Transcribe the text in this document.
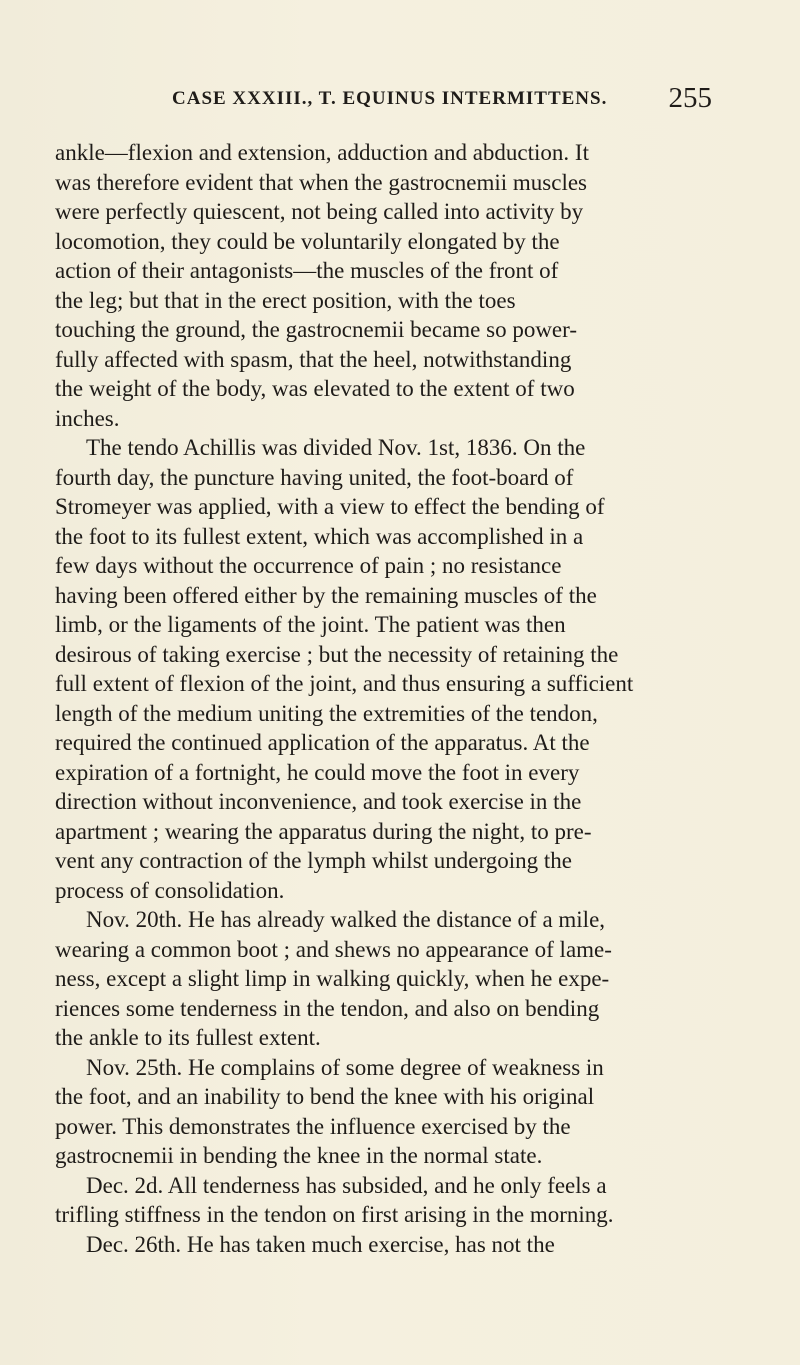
CASE XXXIII., T. EQUINUS INTERMITTENS. 255
ankle—flexion and extension, adduction and abduction. It
was therefore evident that when the gastrocnemii muscles
were perfectly quiescent, not being called into activity by
locomotion, they could be voluntarily elongated by the
action of their antagonists—the muscles of the front of
the leg; but that in the erect position, with the toes
touching the ground, the gastrocnemii became so power-
fully affected with spasm, that the heel, notwithstanding
the weight of the body, was elevated to the extent of two
inches.
The tendo Achillis was divided Nov. 1st, 1836. On the
fourth day, the puncture having united, the foot-board of
Stromeyer was applied, with a view to effect the bending of
the foot to its fullest extent, which was accomplished in a
few days without the occurrence of pain ; no resistance
having been offered either by the remaining muscles of the
limb, or the ligaments of the joint. The patient was then
desirous of taking exercise ; but the necessity of retaining the
full extent of flexion of the joint, and thus ensuring a sufficient
length of the medium uniting the extremities of the tendon,
required the continued application of the apparatus. At the
expiration of a fortnight, he could move the foot in every
direction without inconvenience, and took exercise in the
apartment ; wearing the apparatus during the night, to pre-
vent any contraction of the lymph whilst undergoing the
process of consolidation.
Nov. 20th. He has already walked the distance of a mile,
wearing a common boot ; and shews no appearance of lame-
ness, except a slight limp in walking quickly, when he expe-
riences some tenderness in the tendon, and also on bending
the ankle to its fullest extent.
Nov. 25th. He complains of some degree of weakness in
the foot, and an inability to bend the knee with his original
power. This demonstrates the influence exercised by the
gastrocnemii in bending the knee in the normal state.
Dec. 2d. All tenderness has subsided, and he only feels a
trifling stiffness in the tendon on first arising in the morning.
Dec. 26th. He has taken much exercise, has not the
